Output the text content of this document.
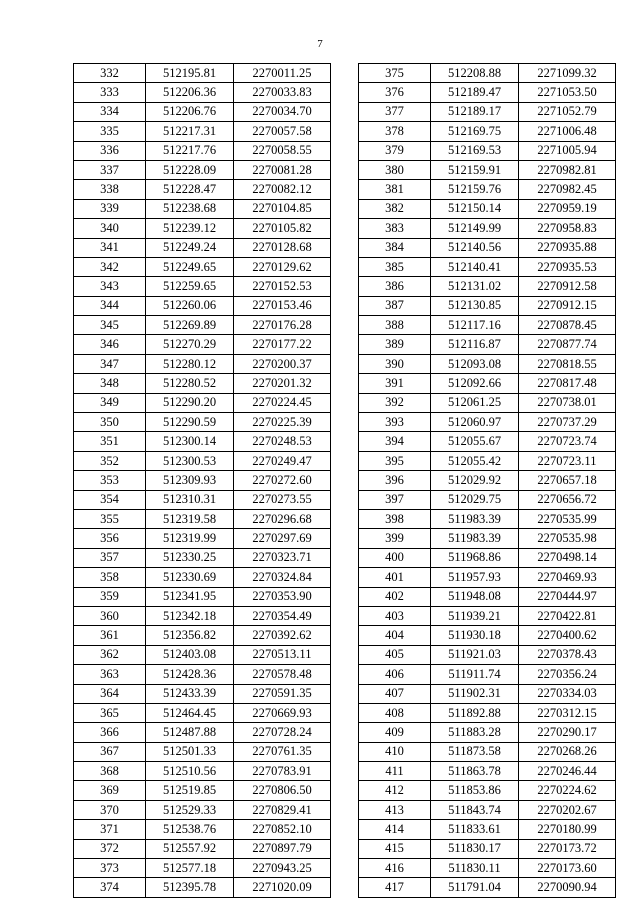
7
332	512195.81	2270011.25
333	512206.36	2270033.83
334	512206.76	2270034.70
335	512217.31	2270057.58
336	512217.76	2270058.55
337	512228.09	2270081.28
338	512228.47	2270082.12
339	512238.68	2270104.85
340	512239.12	2270105.82
341	512249.24	2270128.68
342	512249.65	2270129.62
343	512259.65	2270152.53
344	512260.06	2270153.46
345	512269.89	2270176.28
346	512270.29	2270177.22
347	512280.12	2270200.37
348	512280.52	2270201.32
349	512290.20	2270224.45
350	512290.59	2270225.39
351	512300.14	2270248.53
352	512300.53	2270249.47
353	512309.93	2270272.60
354	512310.31	2270273.55
355	512319.58	2270296.68
356	512319.99	2270297.69
357	512330.25	2270323.71
358	512330.69	2270324.84
359	512341.95	2270353.90
360	512342.18	2270354.49
361	512356.82	2270392.62
362	512403.08	2270513.11
363	512428.36	2270578.48
364	512433.39	2270591.35
365	512464.45	2270669.93
366	512487.88	2270728.24
367	512501.33	2270761.35
368	512510.56	2270783.91
369	512519.85	2270806.50
370	512529.33	2270829.41
371	512538.76	2270852.10
372	512557.92	2270897.79
373	512577.18	2270943.25
374	512395.78	2271020.09
375	512208.88	2271099.32
376	512189.47	2271053.50
377	512189.17	2271052.79
378	512169.75	2271006.48
379	512169.53	2271005.94
380	512159.91	2270982.81
381	512159.76	2270982.45
382	512150.14	2270959.19
383	512149.99	2270958.83
384	512140.56	2270935.88
385	512140.41	2270935.53
386	512131.02	2270912.58
387	512130.85	2270912.15
388	512117.16	2270878.45
389	512116.87	2270877.74
390	512093.08	2270818.55
391	512092.66	2270817.48
392	512061.25	2270738.01
393	512060.97	2270737.29
394	512055.67	2270723.74
395	512055.42	2270723.11
396	512029.92	2270657.18
397	512029.75	2270656.72
398	511983.39	2270535.99
399	511983.39	2270535.98
400	511968.86	2270498.14
401	511957.93	2270469.93
402	511948.08	2270444.97
403	511939.21	2270422.81
404	511930.18	2270400.62
405	511921.03	2270378.43
406	511911.74	2270356.24
407	511902.31	2270334.03
408	511892.88	2270312.15
409	511883.28	2270290.17
410	511873.58	2270268.26
411	511863.78	2270246.44
412	511853.86	2270224.62
413	511843.74	2270202.67
414	511833.61	2270180.99
415	511830.17	2270173.72
416	511830.11	2270173.60
417	511791.04	2270090.94
